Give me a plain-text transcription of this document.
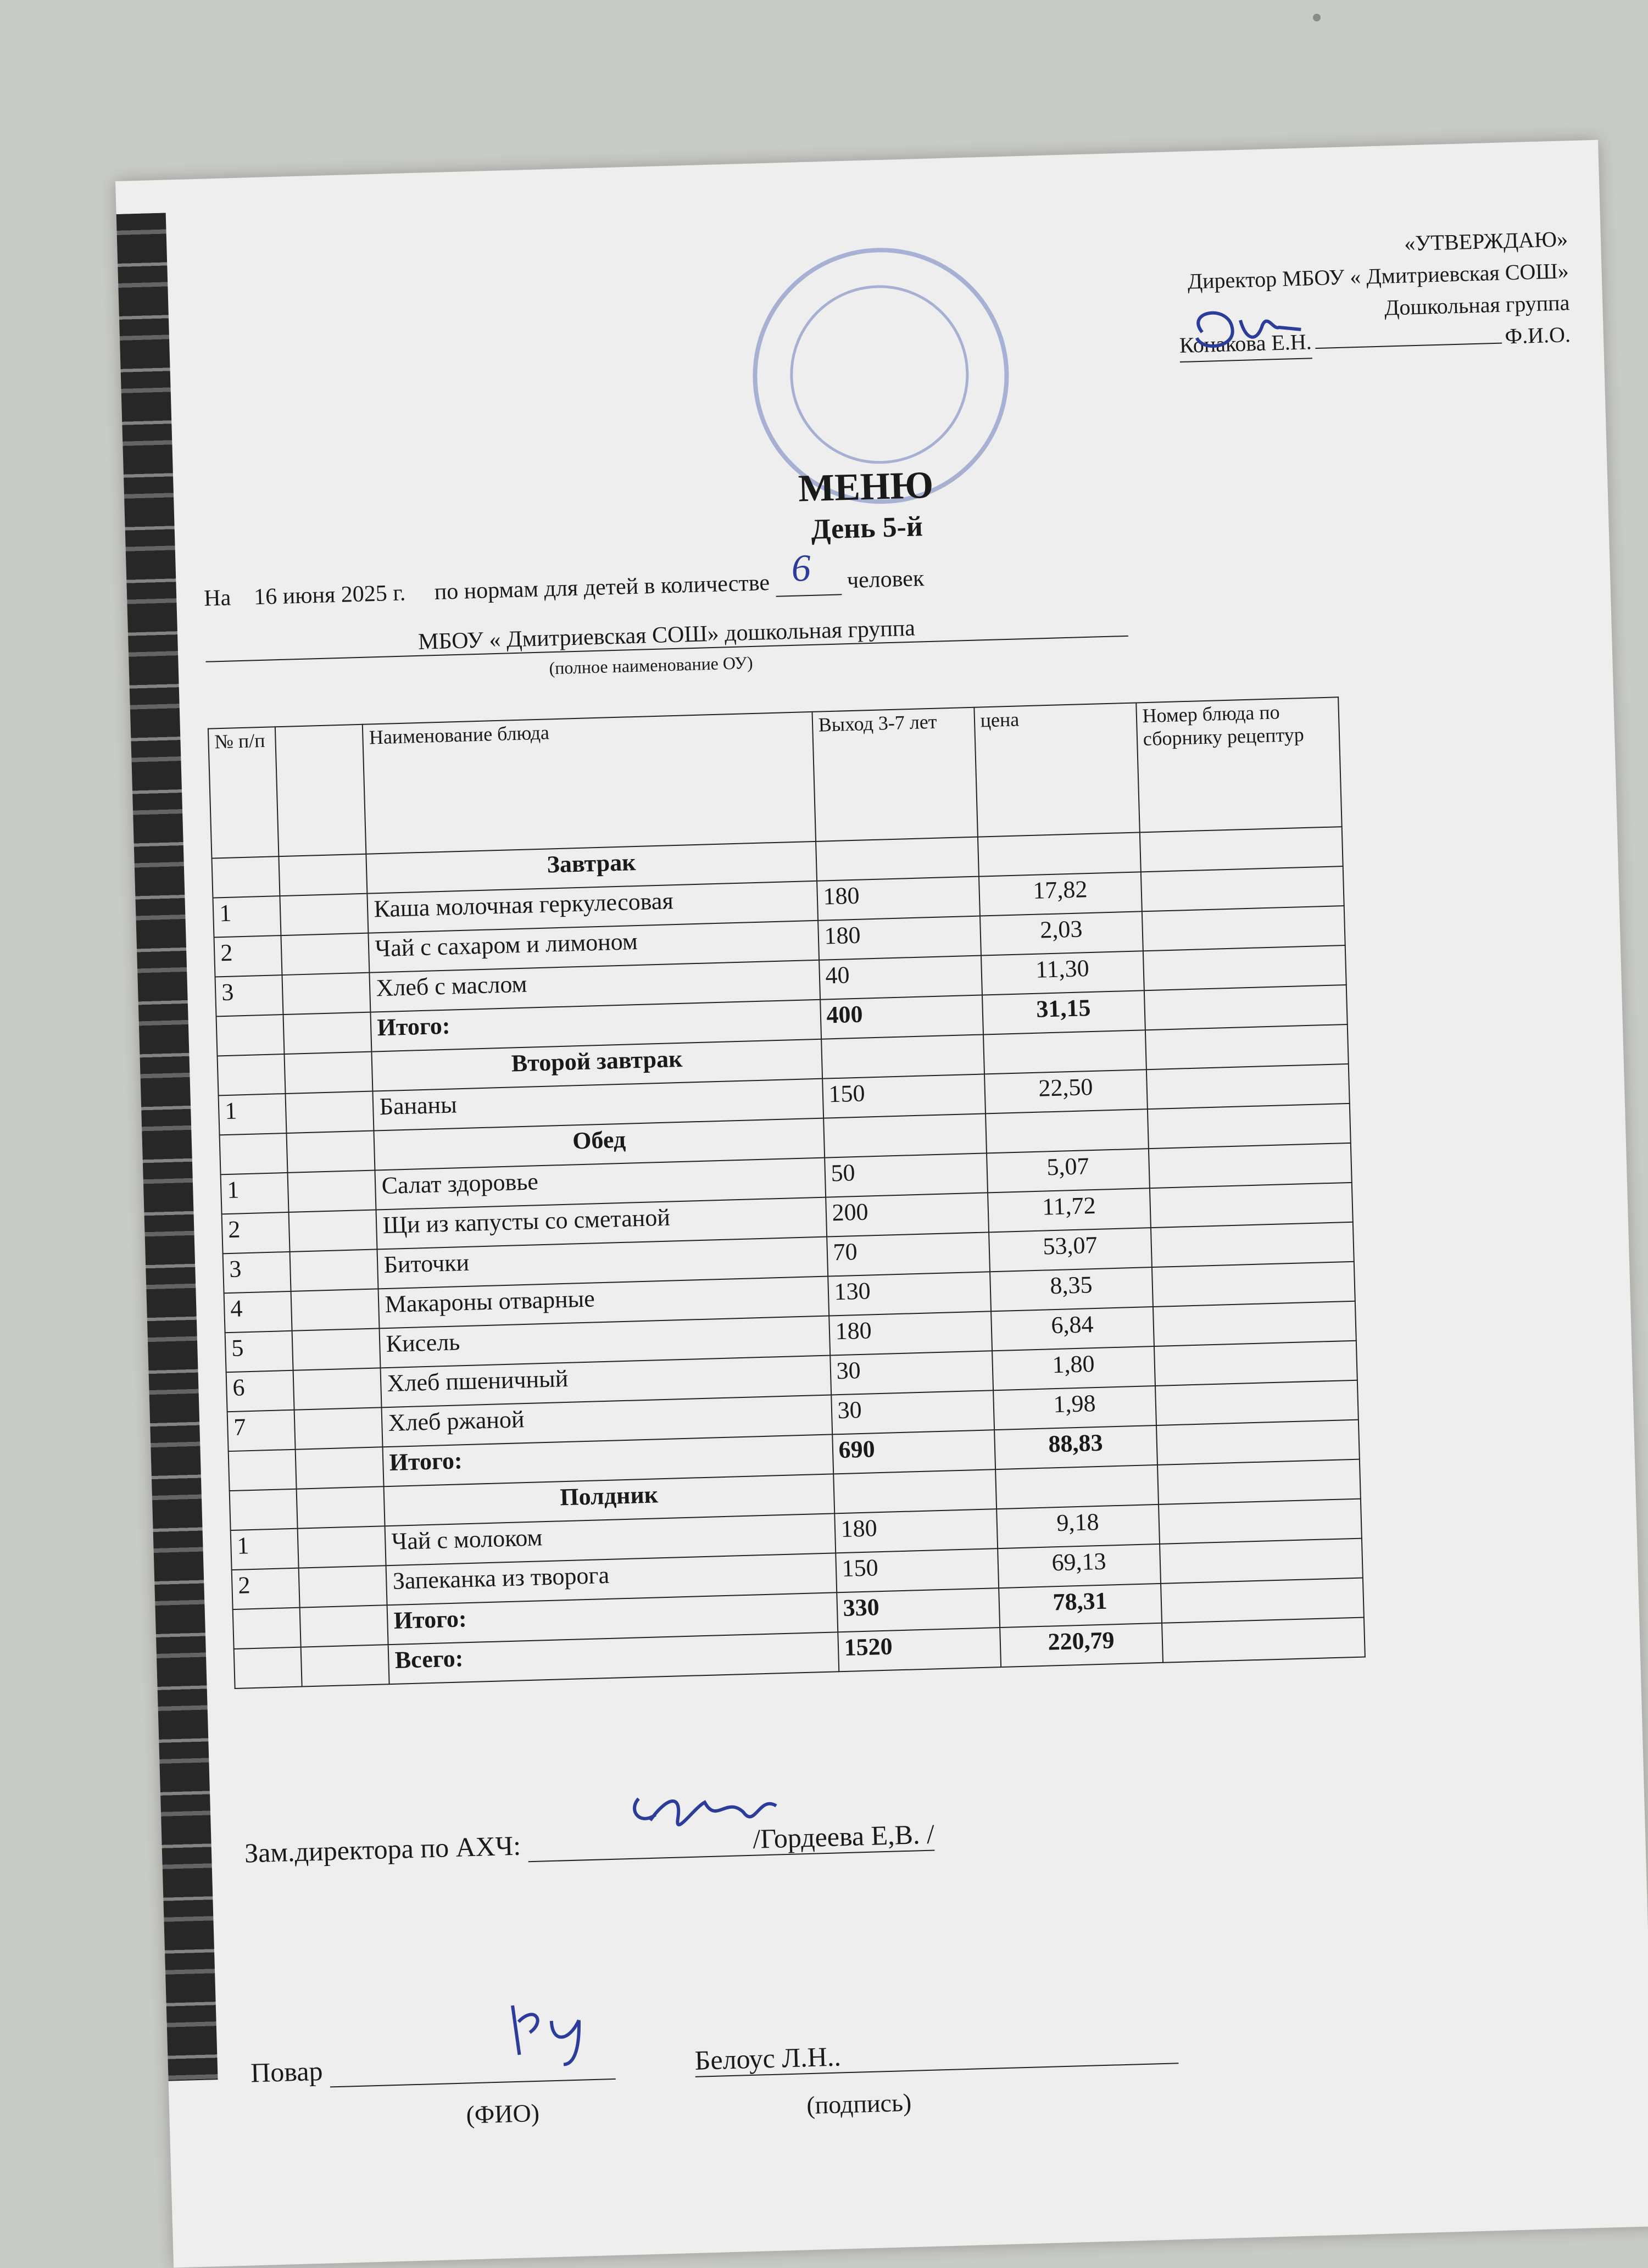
«УТВЕРЖДАЮ»
Директор МБОУ « Дмитриевская СОШ»
Дошкольная группа
Конакова Е.Н.	Ф.И.О.
МЕНЮ
День 5-й
На 16 июня 2025 г. по нормам для детей в количестве 6 человек
МБОУ « Дмитриевская СОШ» дошкольная группа
(полное наименование ОУ)
№ п/п		Наименование блюда	Выход 3-7 лет	цена	Номер блюда по сборнику рецептур
		Завтрак			
1		Каша молочная геркулесовая	180	17,82	
2		Чай с сахаром и лимоном	180	2,03	
3		Хлеб с маслом	40	11,30	
		Итого:	400	31,15	
		Второй завтрак			
1		Бананы	150	22,50	
		Обед			
1		Салат здоровье	50	5,07	
2		Щи из капусты со сметаной	200	11,72	
3		Биточки	70	53,07	
4		Макароны отварные	130	8,35	
5		Кисель	180	6,84	
6		Хлеб пшеничный	30	1,80	
7		Хлеб ржаной	30	1,98	
		Итого:	690	88,83	
		Полдник			
1		Чай с молоком	180	9,18	
2		Запеканка из творога	150	69,13	
		Итого:	330	78,31	
		Всего:	1520	220,79	
Зам.директора по АХЧ:	/Гордеева Е,В. /
Повар	Белоус Л.Н..
(ФИО)	(подпись)
